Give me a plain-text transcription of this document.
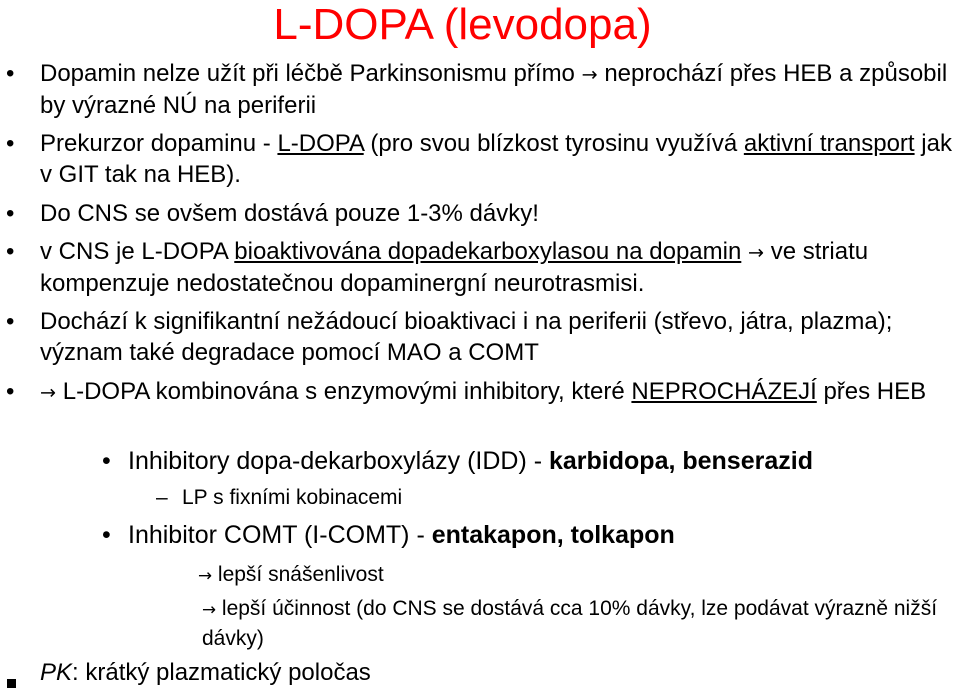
L-DOPA (levodopa)
• Dopamin nelze užít při léčbě Parkinsonismu přímo → neprochází přes HEB a způsobil by výrazné NÚ na periferii
• Prekurzor dopaminu - L-DOPA (pro svou blízkost tyrosinu využívá aktivní transport jak v GIT tak na HEB).
• Do CNS se ovšem dostává pouze 1-3% dávky!
• v CNS je L-DOPA bioaktivována dopadekarboxylasou na dopamin → ve striatu kompenzuje nedostatečnou dopaminergní neurotrasmisi.
• Dochází k signifikantní nežádoucí bioaktivaci i na periferii (střevo, játra, plazma); význam také degradace pomocí MAO a COMT
• → L-DOPA kombinována s enzymovými inhibitory, které NEPROCHÁZEJÍ přes HEB
• Inhibitory dopa-dekarboxylázy (IDD) - karbidopa, benserazid
– LP s fixními kobinacemi
• Inhibitor COMT (I-COMT) - entakapon, tolkapon
→ lepší snášenlivost
→ lepší účinnost (do CNS se dostává cca 10% dávky, lze podávat výrazně nižší dávky)
PK: krátký plazmatický poločas
